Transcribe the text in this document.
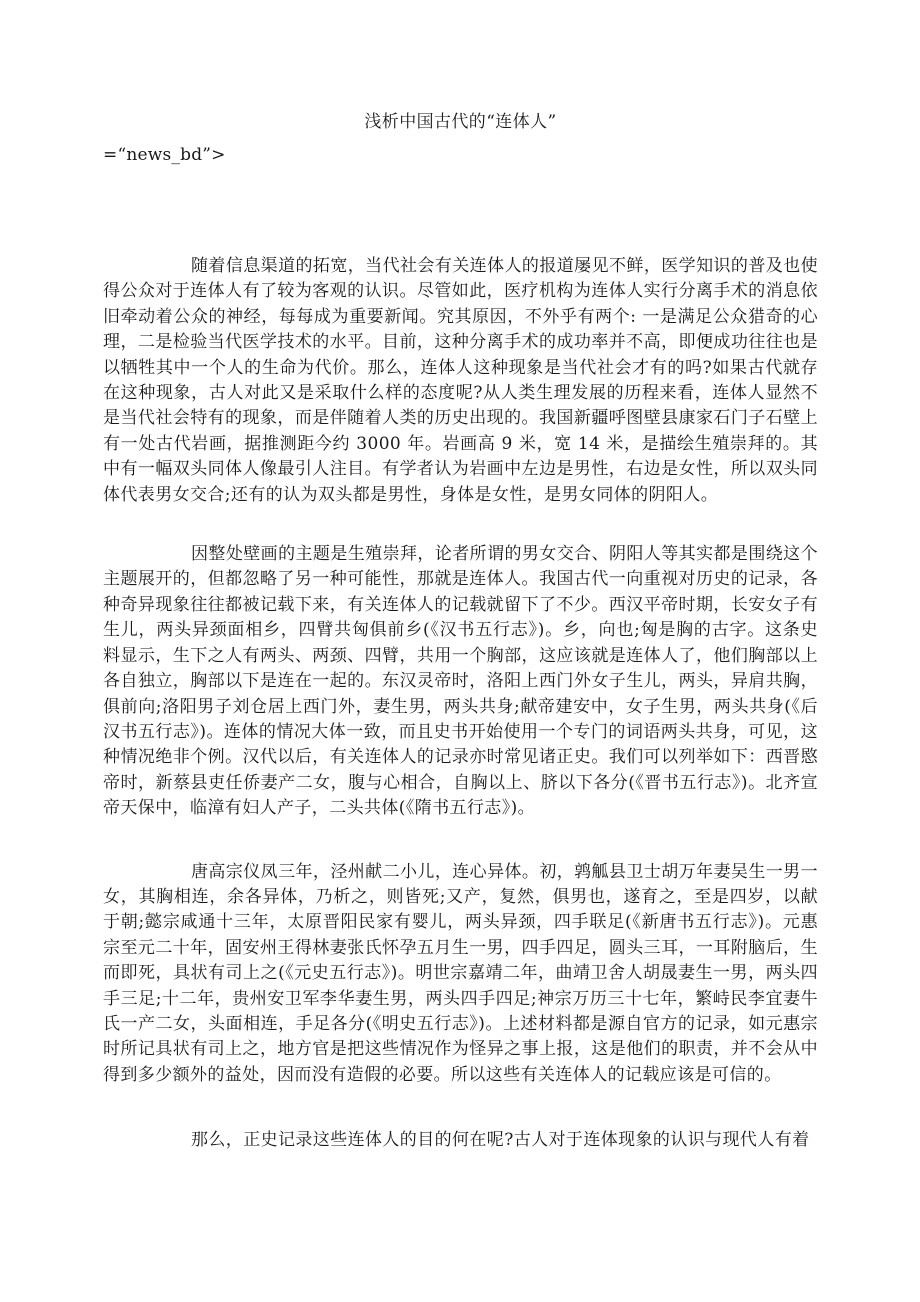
浅析中国古代的“连体人”

=“news_bd”>

随着信息渠道的拓宽，当代社会有关连体人的报道屡见不鲜，医学知识的普及也使得公众对于连体人有了较为客观的认识。尽管如此，医疗机构为连体人实行分离手术的消息依旧牵动着公众的神经，每每成为重要新闻。究其原因，不外乎有两个: 一是满足公众猎奇的心理，二是检验当代医学技术的水平。目前，这种分离手术的成功率并不高，即便成功往往也是以牺牲其中一个人的生命为代价。那么，连体人这种现象是当代社会才有的吗?如果古代就存在这种现象，古人对此又是采取什么样的态度呢?从人类生理发展的历程来看，连体人显然不是当代社会特有的现象，而是伴随着人类的历史出现的。我国新疆呼图壁县康家石门子石壁上有一处古代岩画，据推测距今约 3000 年。岩画高 9 米，宽 14 米，是描绘生殖崇拜的。其中有一幅双头同体人像最引人注目。有学者认为岩画中左边是男性，右边是女性，所以双头同体代表男女交合;还有的认为双头都是男性，身体是女性，是男女同体的阴阳人。

因整处壁画的主题是生殖崇拜，论者所谓的男女交合、阴阳人等其实都是围绕这个主题展开的，但都忽略了另一种可能性，那就是连体人。我国古代一向重视对历史的记录，各种奇异现象往往都被记载下来，有关连体人的记载就留下了不少。西汉平帝时期，长安女子有生儿，两头异颈面相乡，四臂共匈俱前乡(《汉书五行志》)。乡，向也;匈是胸的古字。这条史料显示，生下之人有两头、两颈、四臂，共用一个胸部，这应该就是连体人了，他们胸部以上各自独立，胸部以下是连在一起的。东汉灵帝时，洛阳上西门外女子生儿，两头，异肩共胸，俱前向;洛阳男子刘仓居上西门外，妻生男，两头共身;献帝建安中，女子生男，两头共身(《后汉书五行志》)。连体的情况大体一致，而且史书开始使用一个专门的词语两头共身，可见，这种情况绝非个例。汉代以后，有关连体人的记录亦时常见诸正史。我们可以列举如下：西晋愍帝时，新蔡县吏任侨妻产二女，腹与心相合，自胸以上、脐以下各分(《晋书五行志》)。北齐宣帝天保中，临漳有妇人产子，二头共体(《隋书五行志》)。

唐高宗仪凤三年，泾州献二小儿，连心异体。初，鹑觚县卫士胡万年妻吴生一男一女，其胸相连，余各异体，乃析之，则皆死;又产，复然，俱男也，遂育之，至是四岁，以献于朝;懿宗咸通十三年，太原晋阳民家有婴儿，两头异颈，四手联足(《新唐书五行志》)。元惠宗至元二十年，固安州王得林妻张氏怀孕五月生一男，四手四足，圆头三耳，一耳附脑后，生而即死，具状有司上之(《元史五行志》)。明世宗嘉靖二年，曲靖卫舍人胡晟妻生一男，两头四手三足;十二年，贵州安卫军李华妻生男，两头四手四足;神宗万历三十七年，繁峙民李宜妻牛氏一产二女，头面相连，手足各分(《明史五行志》)。上述材料都是源自官方的记录，如元惠宗时所记具状有司上之，地方官是把这些情况作为怪异之事上报，这是他们的职责，并不会从中得到多少额外的益处，因而没有造假的必要。所以这些有关连体人的记载应该是可信的。

那么，正史记录这些连体人的目的何在呢?古人对于连体现象的认识与现代人有着
